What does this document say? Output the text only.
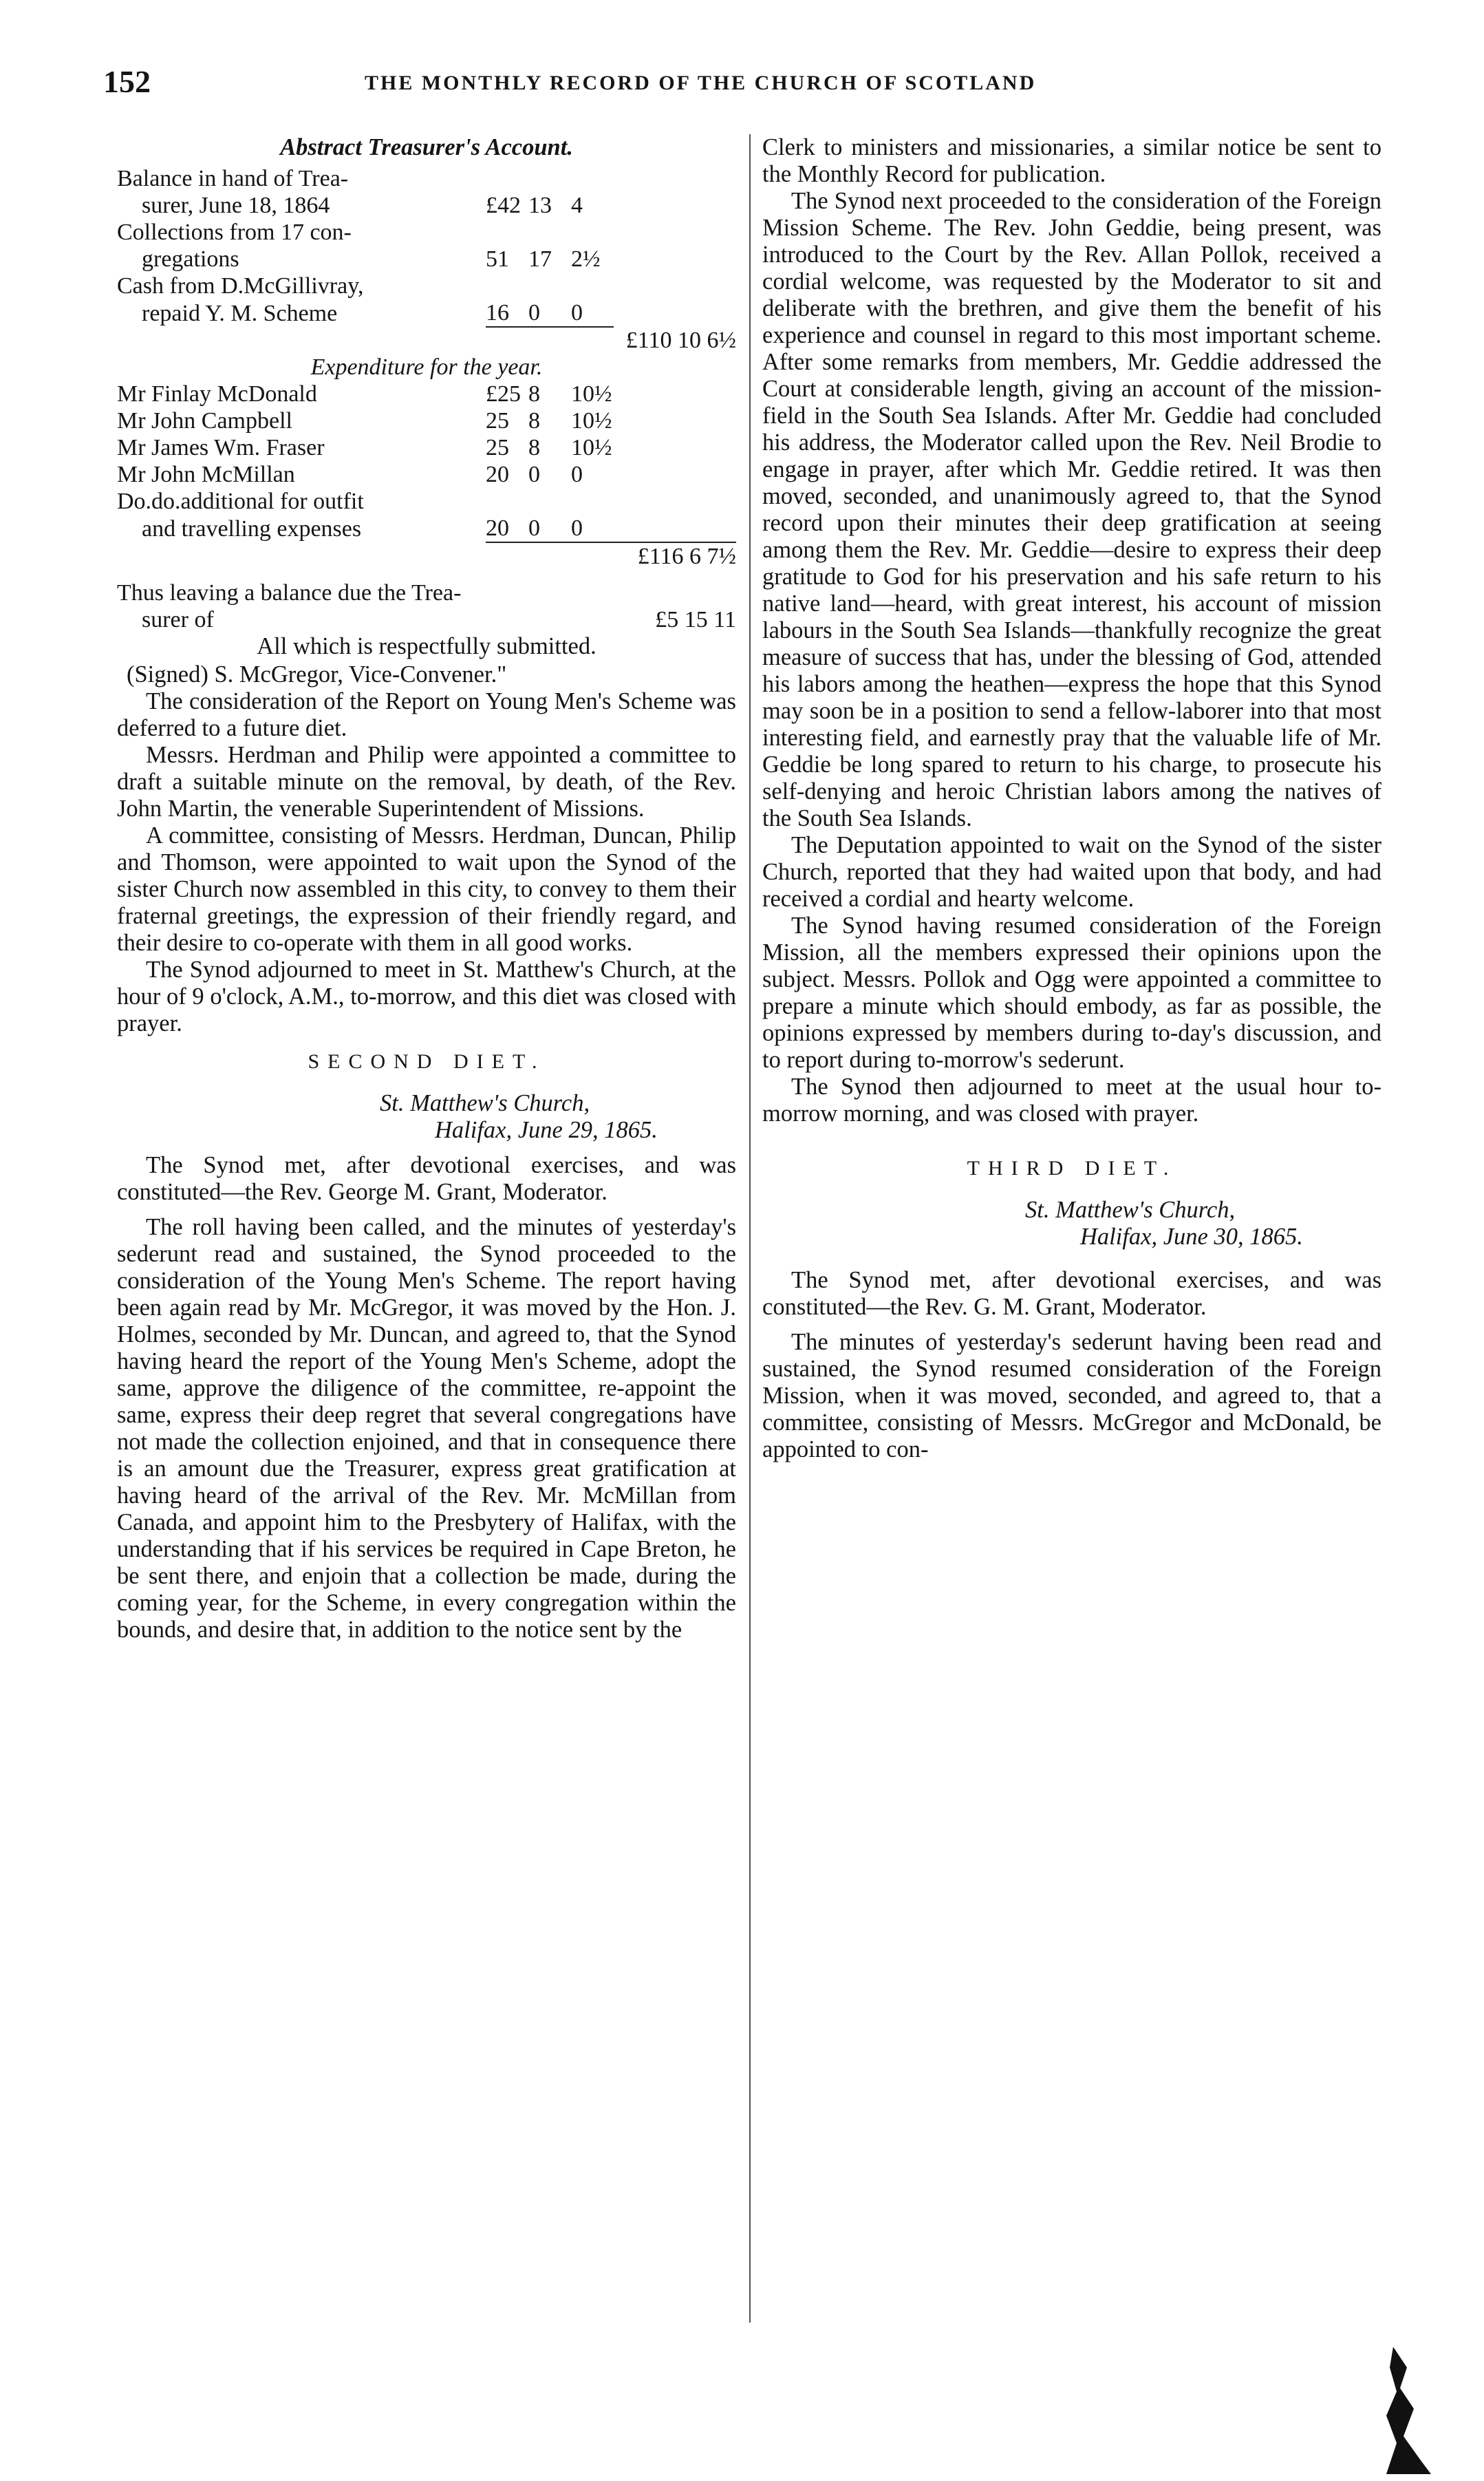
152	THE MONTHLY RECORD OF THE CHURCH OF SCOTLAND
Abstract Treasurer's Account.
Balance in hand of Trea-				
surer, June 18, 1864	£42	13	4	
Collections from 17 con-				
gregations	51	17	2½	
Cash from D.McGillivray,				
repaid Y. M. Scheme	16	0	0	
				£110 10 6½
Expenditure for the year.				
Mr Finlay McDonald	£25	8	10½	
Mr John Campbell	25	8	10½	
Mr James Wm. Fraser	25	8	10½	
Mr John McMillan	20	0	0	
Do.do.additional for outfit				
and travelling expenses	20	0	0	
				£116 6 7½

Thus leaving a balance due the Trea-				
surer of				£5 15 11
All which is respectfully submitted.
(Signed) S. McGregor, Vice-Convener."

The consideration of the Report on Young Men's Scheme was deferred to a future diet.

Messrs. Herdman and Philip were appointed a committee to draft a suitable minute on the removal, by death, of the Rev. John Martin, the venerable Superintendent of Missions.

A committee, consisting of Messrs. Herdman, Duncan, Philip and Thomson, were appointed to wait upon the Synod of the sister Church now assembled in this city, to convey to them their fraternal greetings, the expression of their friendly regard, and their desire to co-operate with them in all good works.

The Synod adjourned to meet in St. Matthew's Church, at the hour of 9 o'clock, A.M., to-morrow, and this diet was closed with prayer.

SECOND DIET.

St. Matthew's Church,

Halifax, June 29, 1865.

The Synod met, after devotional exercises, and was constituted—the Rev. George M. Grant, Moderator.

The roll having been called, and the minutes of yesterday's sederunt read and sustained, the Synod proceeded to the consideration of the Young Men's Scheme. The report having been again read by Mr. McGregor, it was moved by the Hon. J. Holmes, seconded by Mr. Duncan, and agreed to, that the Synod having heard the report of the Young Men's Scheme, adopt the same, approve the diligence of the committee, re-appoint the same, express their deep regret that several congregations have not made the collection enjoined, and that in consequence there is an amount due the Treasurer, express great gratification at having heard of the arrival of the Rev. Mr. McMillan from Canada, and appoint him to the Presbytery of Halifax, with the understanding that if his services be required in Cape Breton, he be sent there, and enjoin that a collection be made, during the coming year, for the Scheme, in every congregation within the bounds, and desire that, in addition to the notice sent by the

Clerk to ministers and missionaries, a similar notice be sent to the Monthly Record for publication.

The Synod next proceeded to the consideration of the Foreign Mission Scheme. The Rev. John Geddie, being present, was introduced to the Court by the Rev. Allan Pollok, received a cordial welcome, was requested by the Moderator to sit and deliberate with the brethren, and give them the benefit of his experience and counsel in regard to this most important scheme. After some remarks from members, Mr. Geddie addressed the Court at considerable length, giving an account of the mission-field in the South Sea Islands. After Mr. Geddie had concluded his address, the Moderator called upon the Rev. Neil Brodie to engage in prayer, after which Mr. Geddie retired. It was then moved, seconded, and unanimously agreed to, that the Synod record upon their minutes their deep gratification at seeing among them the Rev. Mr. Geddie—desire to express their deep gratitude to God for his preservation and his safe return to his native land—heard, with great interest, his account of mission labours in the South Sea Islands—thankfully recognize the great measure of success that has, under the blessing of God, attended his labors among the heathen—express the hope that this Synod may soon be in a position to send a fellow-laborer into that most interesting field, and earnestly pray that the valuable life of Mr. Geddie be long spared to return to his charge, to prosecute his self-denying and heroic Christian labors among the natives of the South Sea Islands.

The Deputation appointed to wait on the Synod of the sister Church, reported that they had waited upon that body, and had received a cordial and hearty welcome.

The Synod having resumed consideration of the Foreign Mission, all the members expressed their opinions upon the subject. Messrs. Pollok and Ogg were appointed a committee to prepare a minute which should embody, as far as possible, the opinions expressed by members during to-day's discussion, and to report during to-morrow's sederunt.

The Synod then adjourned to meet at the usual hour to-morrow morning, and was closed with prayer.

THIRD DIET.

St. Matthew's Church,

Halifax, June 30, 1865.

The Synod met, after devotional exercises, and was constituted—the Rev. G. M. Grant, Moderator.

The minutes of yesterday's sederunt having been read and sustained, the Synod resumed consideration of the Foreign Mission, when it was moved, seconded, and agreed to, that a committee, consisting of Messrs. McGregor and McDonald, be appointed to con-
